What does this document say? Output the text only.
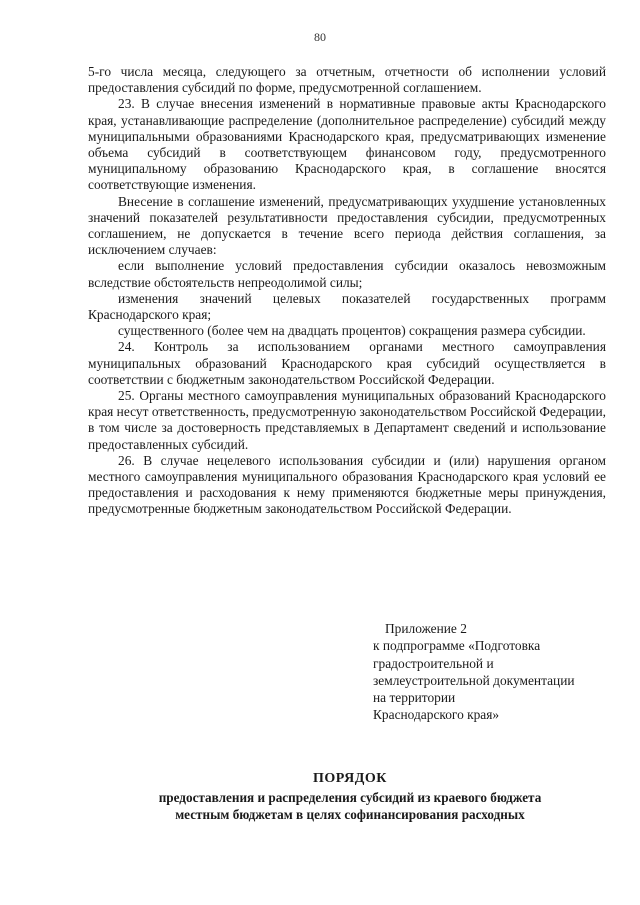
80

5-го числа месяца, следующего за отчетным, отчетности об исполнении условий предоставления субсидий по форме, предусмотренной соглашением.

23. В случае внесения изменений в нормативные правовые акты Краснодарского края, устанавливающие распределение (дополнительное распределение) субсидий между муниципальными образованиями Краснодарского края, предусматривающих изменение объема субсидий в соответствующем финансовом году, предусмотренного муниципальному образованию Краснодарского края, в соглашение вносятся соответствующие изменения.

Внесение в соглашение изменений, предусматривающих ухудшение установленных значений показателей результативности предоставления субсидии, предусмотренных соглашением, не допускается в течение всего периода действия соглашения, за исключением случаев:

если выполнение условий предоставления субсидии оказалось невозможным вследствие обстоятельств непреодолимой силы;

изменения значений целевых показателей государственных программ Краснодарского края;

существенного (более чем на двадцать процентов) сокращения размера субсидии.

24. Контроль за использованием органами местного самоуправления муниципальных образований Краснодарского края субсидий осуществляется в соответствии с бюджетным законодательством Российской Федерации.

25. Органы местного самоуправления муниципальных образований Краснодарского края несут ответственность, предусмотренную законодательством Российской Федерации, в том числе за достоверность представляемых в Департамент сведений и использование предоставленных субсидий.

26. В случае нецелевого использования субсидии и (или) нарушения органом местного самоуправления муниципального образования Краснодарского края условий ее предоставления и расходования к нему применяются бюджетные меры принуждения, предусмотренные бюджетным законодательством Российской Федерации.

Приложение 2
к подпрограмме «Подготовка
градостроительной и
землеустроительной документации
на территории
Краснодарского края»
ПОРЯДОК
предоставления и распределения субсидий из краевого бюджета
местным бюджетам в целях софинансирования расходных
